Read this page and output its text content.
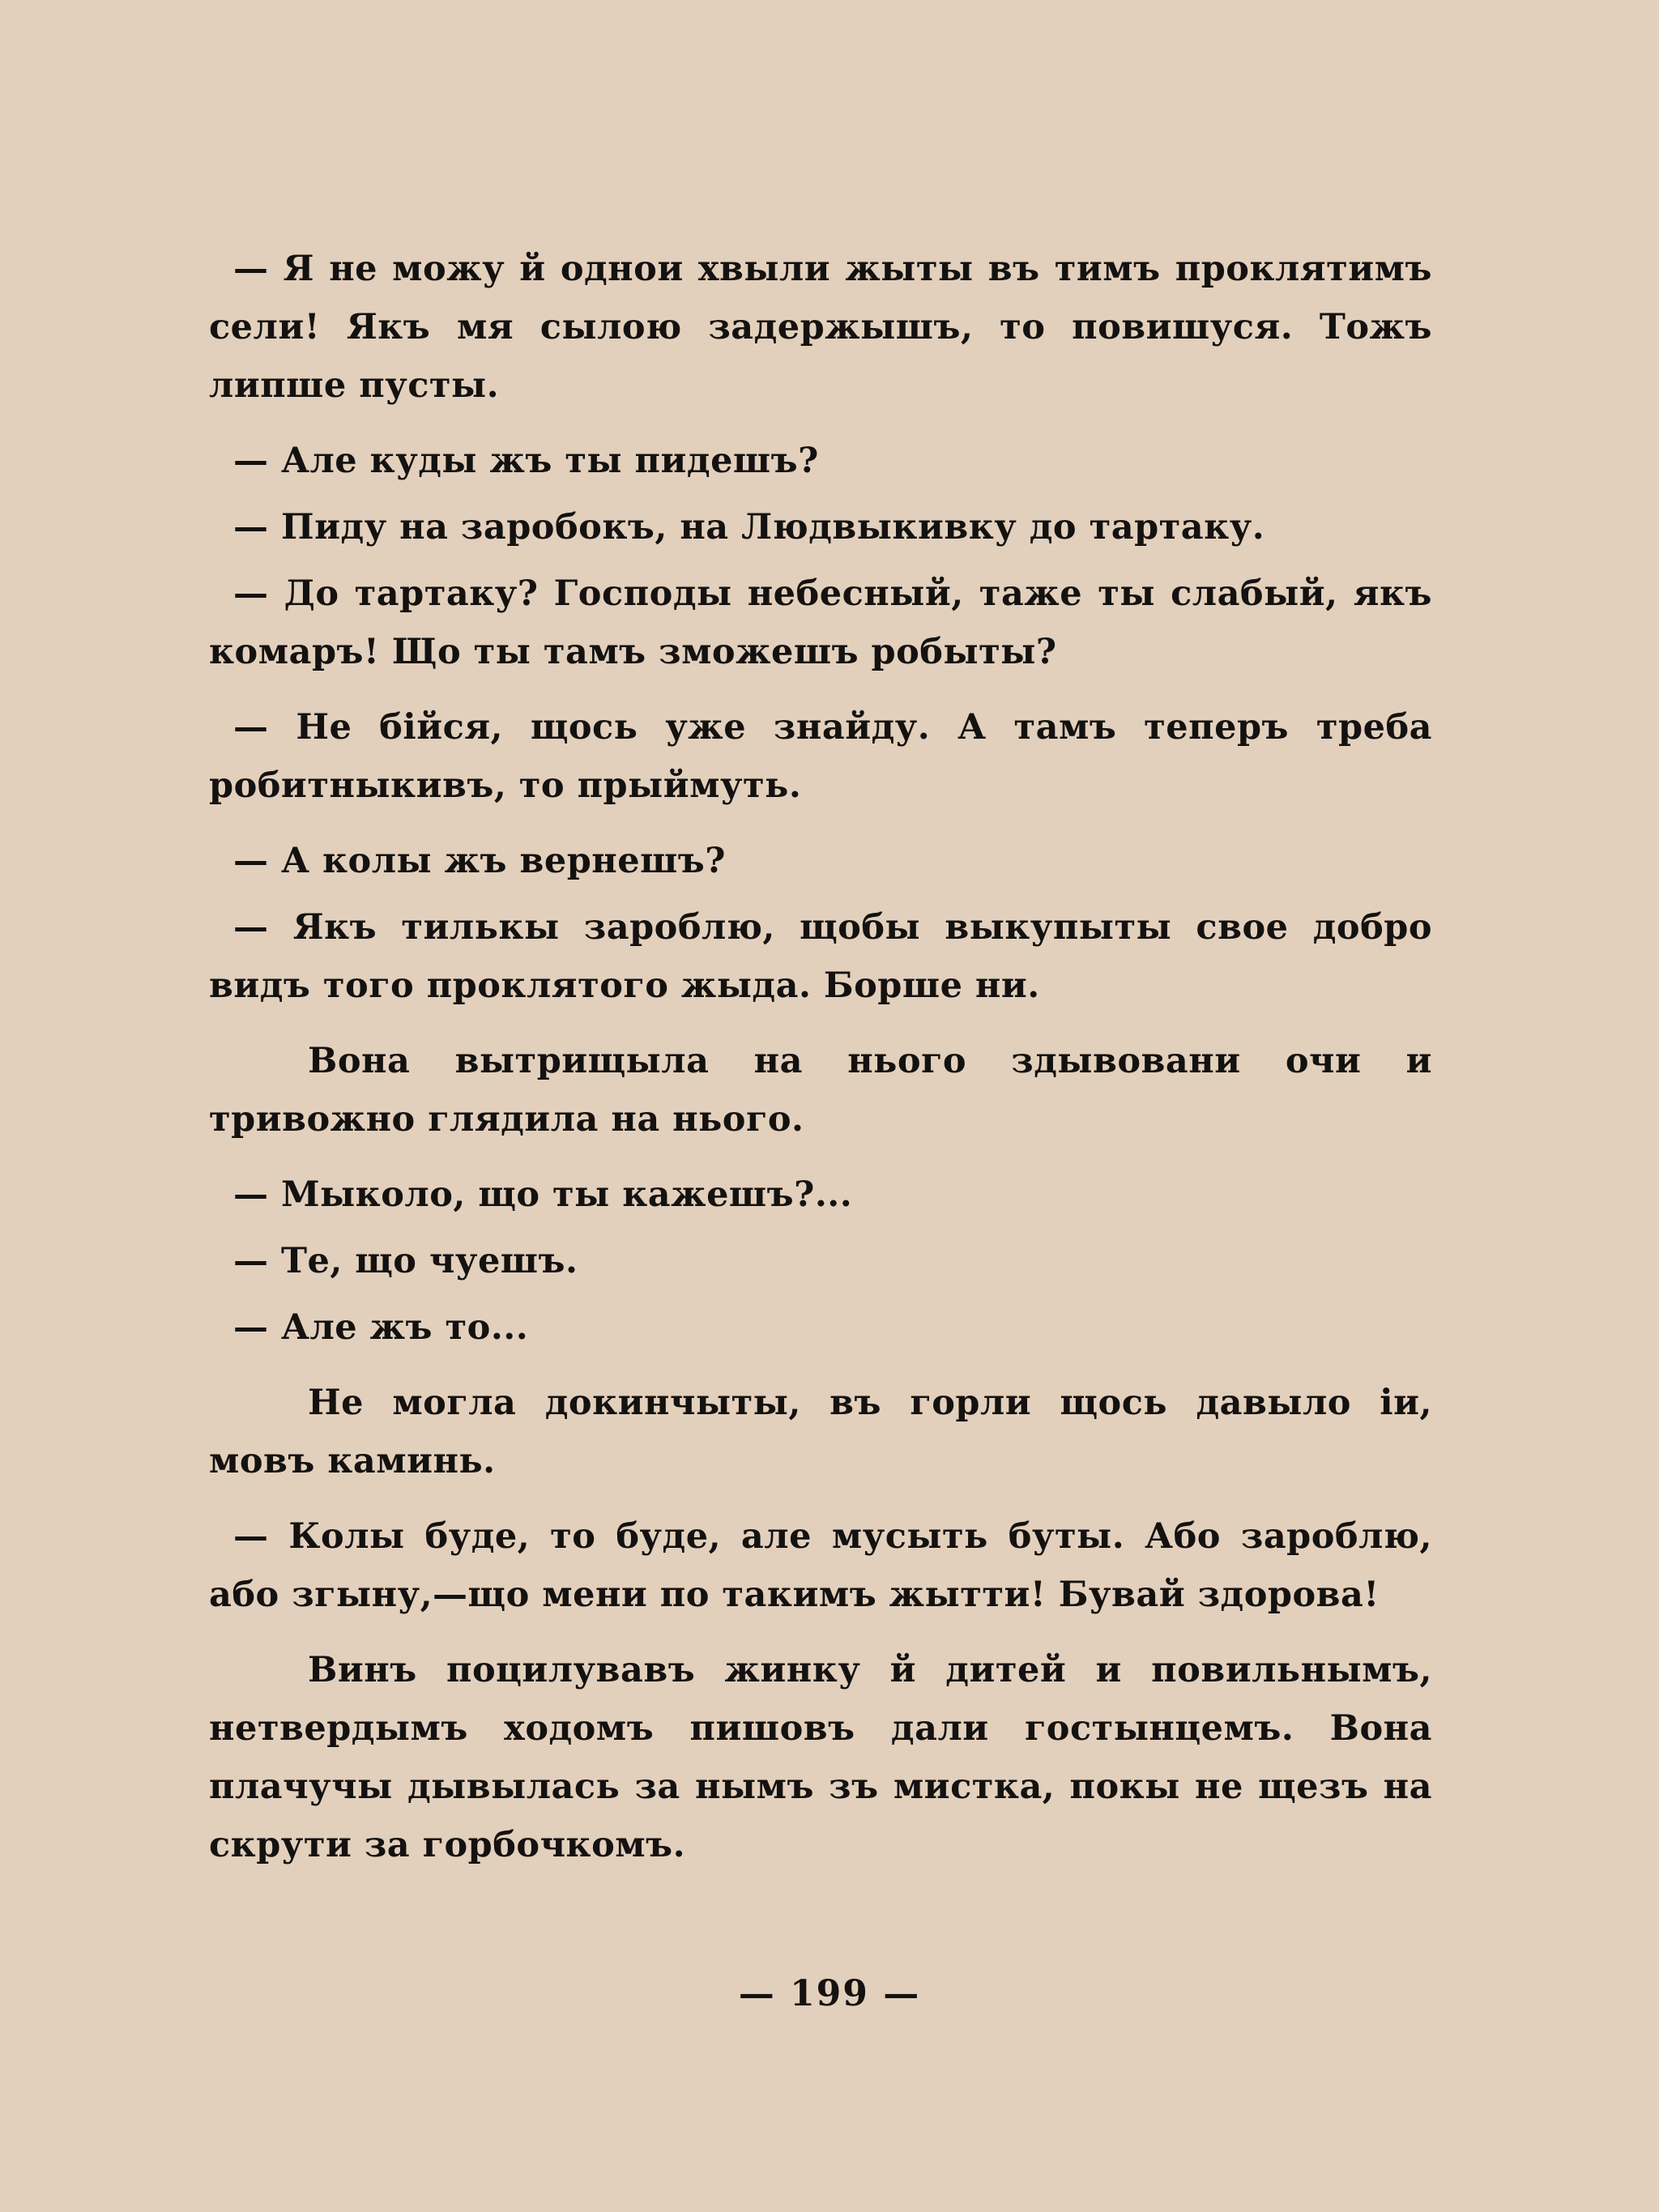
— Я не можу й однои хвыли жыты въ тимъ проклятимъ сели! Якъ мя сылою задержышъ, то повишуся. Тожъ липше пусты.

— Але куды жъ ты пидешъ?

— Пиду на заробокъ, на Людвыкивку до тартаку.

— До тартаку? Господы небесный, таже ты слабый, якъ комаръ! Що ты тамъ зможешъ робыты?

— Не бійся, щось уже знайду. А тамъ теперъ треба робитныкивъ, то прыймуть.

— А колы жъ вернешъ?

— Якъ тилькы зароблю, щобы выкупыты свое добро видъ того проклятого жыда. Борше ни.

Вона вытрищыла на нього здывовани очи и тривожно глядила на нього.

— Мыколо, що ты кажешъ?...

— Те, що чуешъ.

— Але жъ то...

Не могла докинчыты, въ горли щось давыло іи, мовъ каминь.

— Колы буде, то буде, але мусыть буты. Або зароблю, або згыну,—що мени по такимъ жытти! Бувай здорова!

Винъ поцилувавъ жинку й дитей и повильнымъ, нетвердымъ ходомъ пишовъ дали гостынцемъ. Вона плачучы дывылась за нымъ зъ мистка, покы не щезъ на скрути за горбочкомъ.

— 199 —
